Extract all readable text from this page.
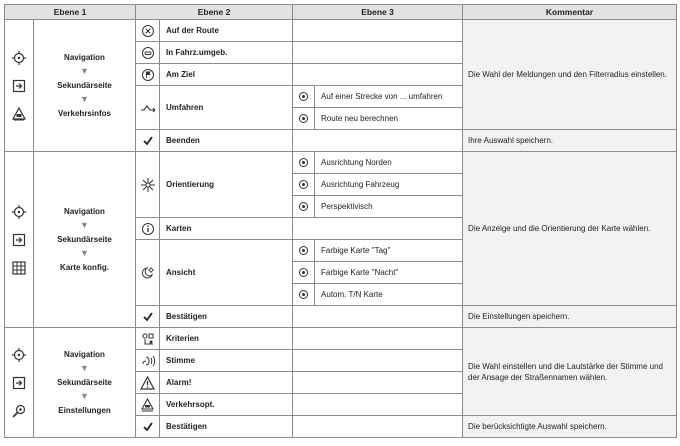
Ebene 1		Ebene 2		Ebene 3		Kommentar

Navigation
▼
Sekundärseite
▼
Verkehrsinfos		Auf der Route			Die Wahl der Meldungen und den Filterradius einstellen.

	In Fahrz.umgeb.			

	Am Ziel			

	Umfahren		Auf einer Strecke von ... umfahren	

					Route neu berechnen	

	Beenden			Ihre Auswahl speichern.

Navigation
▼
Sekundärseite
▼
Karte konfig.		Orientierung		Ausrichtung Norden	Die Anzeige und die Orientierung der Karte wählen.

					Ausrichtung Fahrzeug	

					Perspektivisch	

	Karten			

	Ansicht		Farbige Karte "Tag"	

					Farbige Karte "Nacht"	

					Autom. T/N Karte	

	Bestätigen			Die Einstellungen speichern.

Navigation
▼
Sekundärseite
▼
Einstellungen		Kriterien			Die Wahl einstellen und die Lautstärke der Stimme und der Ansage der Straßennamen wählen.

	Stimme			

	Alarm!			

	Verkehrsopt.			

	Bestätigen			Die berücksichtigte Auswahl speichern.
